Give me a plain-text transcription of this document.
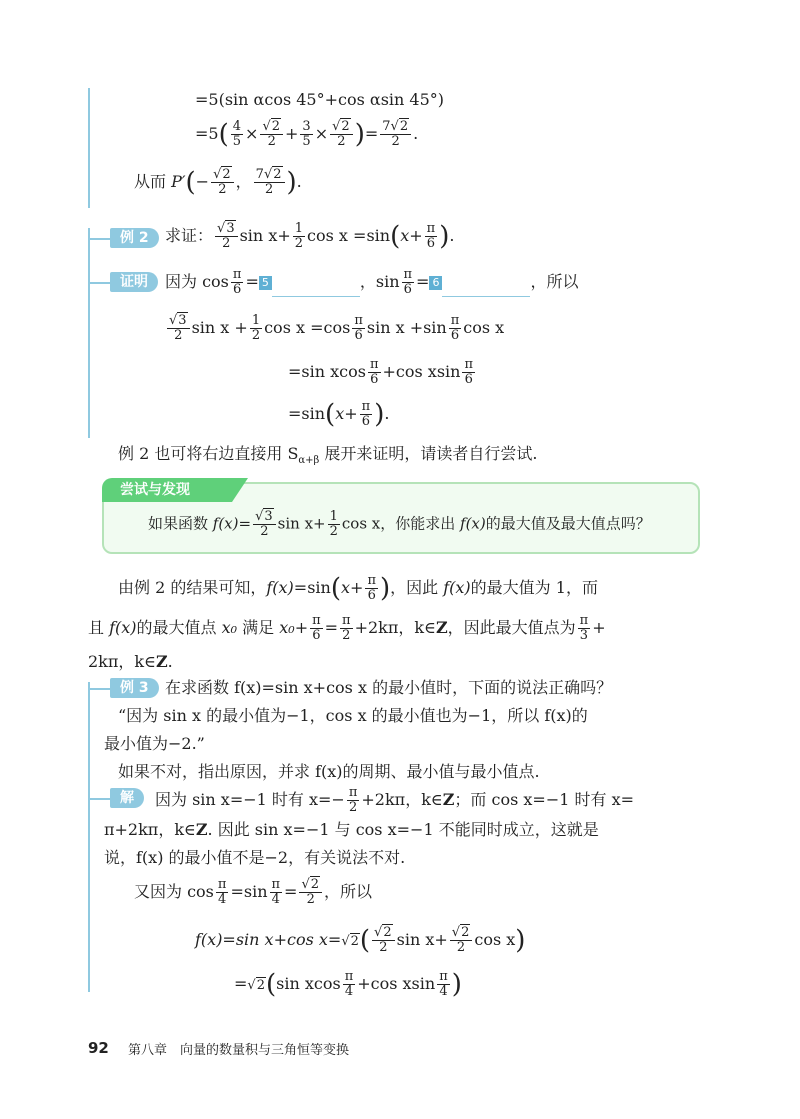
=5(sin αcos 45°+cos αsin 45°)
$=5( \frac{4}{5} \times \frac{√2}{2} + \frac{3}{5} \times \frac{√2}{2}$ )= $\frac{7√2}{2}$ .
从而 $P'(- \frac{√2}{2}$ ， $\frac{7√2}{2}$ ).
例 2	求证： $\frac{√3}{2}$ $\sin x+ \frac{1}{2}$ $\cos x =\sin(x+ \frac{\pi}{6}$ ).
证明	因为 $\cos \frac{\pi}{6} = 5$	，$\sin \frac{\pi}{6} = 6$	，所以
$\frac{√3}{2}$ $\sin x + \frac{1}{2}$ $\cos x =\cos \frac{\pi}{6}$ $\sin x +\sin \frac{\pi}{6}$ cos x
=sin xcos $\frac{\pi}{6} +\cos$ xsin $\frac{\pi}{6}$
$=\sin(x+ \frac{\pi}{6}$ ).
例 2 也可将右边直接用 $S_{\alpha+\beta}$ 展开来证明，请读者自行尝试.
尝试与发现
如果函数 $f(x)= \frac{√3}{2}$ $\sin x+ \frac{1}{2}$ cos x，你能求出 f(x)的最大值及最大值点吗？
由例 2 的结果可知，$f(x)=\sin(x+ \frac{\pi}{6}$ )，因此 f(x)的最大值为 1，而
且 f(x)的最大值点 x₀ 满足 $x_0+ \frac{\pi}{6} = \frac{\pi}{2} +2k\pi$，k∈Z，因此最大值点为 $\frac{\pi}{3}$ +
2kπ，k∈Z.
例 3	在求函数 f(x)=sin x+cos x 的最小值时，下面的说法正确吗？
“因为 sin x 的最小值为−1，cos x 的最小值也为−1，所以 f(x)的
最小值为−2.”
如果不对，指出原因，并求 f(x)的周期、最小值与最小值点.
解	因为 sin x=−1 时有 $x=- \frac{\pi}{2} +2k\pi$，k∈Z；而 cos x=−1 时有 x=
π+2kπ，k∈Z. 因此 sin x=−1 与 cos x=−1 不能同时成立，这就是
说，f(x) 的最小值不是−2，有关说法不对.
又因为 $\cos \frac{\pi}{4} =\sin \frac{\pi}{4} = \frac{√2}{2}$ ，所以
f(x)=sin x+cos $x=√2( \frac{√2}{2}$ $\sin x+ \frac{√2}{2}$ cos x)
=√2(sin xcos $\frac{\pi}{4} +\cos$ xsin $\frac{\pi}{4}$ )
92 第八章　向量的数量积与三角恒等变换
